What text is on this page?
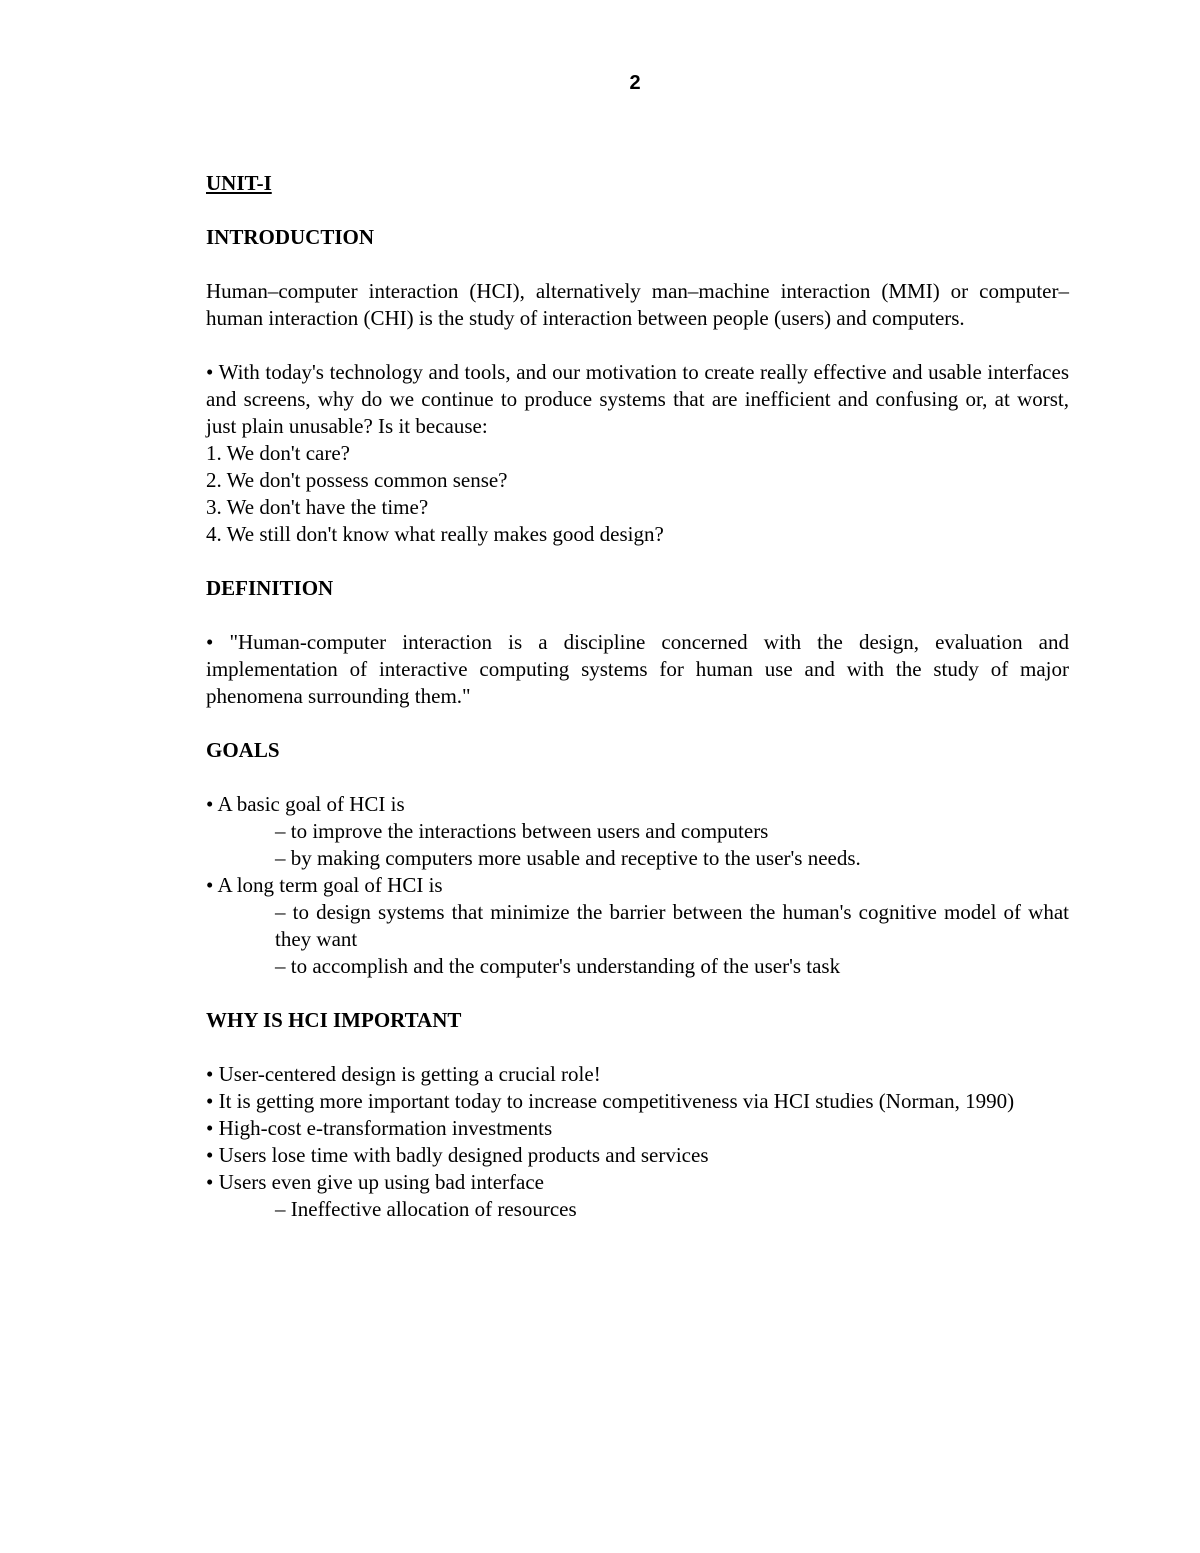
2

UNIT-I

INTRODUCTION

Human–computer interaction (HCI), alternatively man–machine interaction (MMI) or computer–human interaction (CHI) is the study of interaction between people (users) and computers.

• With today's technology and tools, and our motivation to create really effective and usable interfaces and screens, why do we continue to produce systems that are inefficient and confusing or, at worst, just plain unusable? Is it because:

1. We don't care?

2. We don't possess common sense?

3. We don't have the time?

4. We still don't know what really makes good design?

DEFINITION

• "Human-computer interaction is a discipline concerned with the design, evaluation and implementation of interactive computing systems for human use and with the study of major phenomena surrounding them."

GOALS

• A basic goal of HCI is

– to improve the interactions between users and computers

– by making computers more usable and receptive to the user's needs.

• A long term goal of HCI is

– to design systems that minimize the barrier between the human's cognitive model of what they want

– to accomplish and the computer's understanding of the user's task

WHY IS HCI IMPORTANT

• User-centered design is getting a crucial role!

• It is getting more important today to increase competitiveness via HCI studies (Norman, 1990)

• High-cost e-transformation investments

• Users lose time with badly designed products and services

• Users even give up using bad interface

– Ineffective allocation of resources
